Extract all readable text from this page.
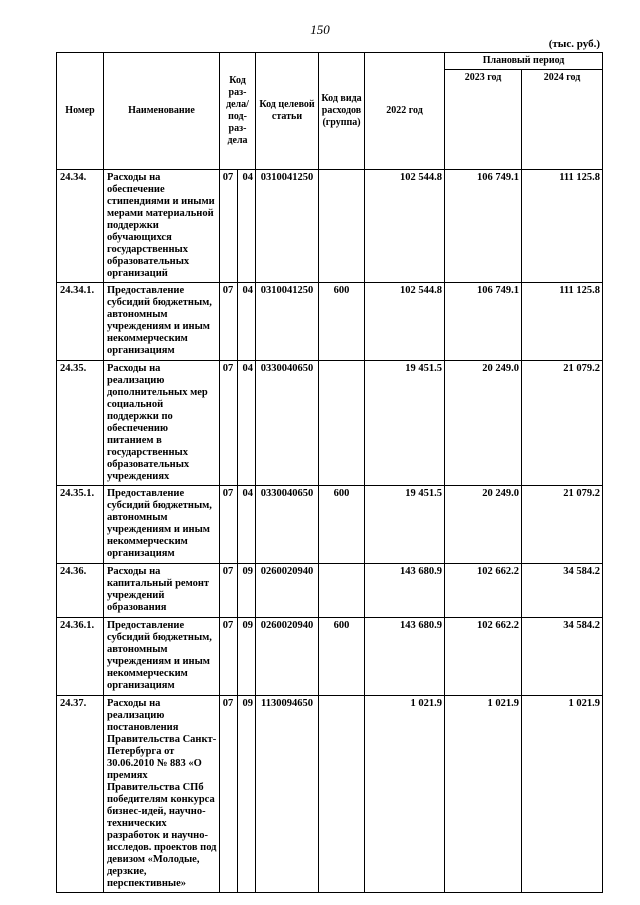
150
(тыс. руб.)
Номер	Наименование	Код раз-дела/под-раз-дела		Код целевой статьи	Код вида расходов (группа)	2022 год	Плановый период	
							2023 год	2024 год
24.34.	Расходы на обеспечение стипендиями и иными мерами материальной поддержки обучающихся государственных образовательных организаций	07	04	0310041250		102 544.8	106 749.1	111 125.8
24.34.1.	Предоставление субсидий бюджетным, автономным учреждениям и иным некоммерческим организациям	07	04	0310041250	600	102 544.8	106 749.1	111 125.8
24.35.	Расходы на реализацию дополнительных мер социальной поддержки по обеспечению питанием в государственных образовательных учреждениях	07	04	0330040650		19 451.5	20 249.0	21 079.2
24.35.1.	Предоставление субсидий бюджетным, автономным учреждениям и иным некоммерческим организациям	07	04	0330040650	600	19 451.5	20 249.0	21 079.2
24.36.	Расходы на капитальный ремонт учреждений образования	07	09	0260020940		143 680.9	102 662.2	34 584.2
24.36.1.	Предоставление субсидий бюджетным, автономным учреждениям и иным некоммерческим организациям	07	09	0260020940	600	143 680.9	102 662.2	34 584.2
24.37.	Расходы на реализацию постановления Правительства Санкт-Петербурга от 30.06.2010 № 883 «О премиях Правительства СПб победителям конкурса бизнес-идей, научно-технических разработок и научно-исследов. проектов под девизом «Молодые, дерзкие, перспективные»	07	09	1130094650		1 021.9	1 021.9	1 021.9
